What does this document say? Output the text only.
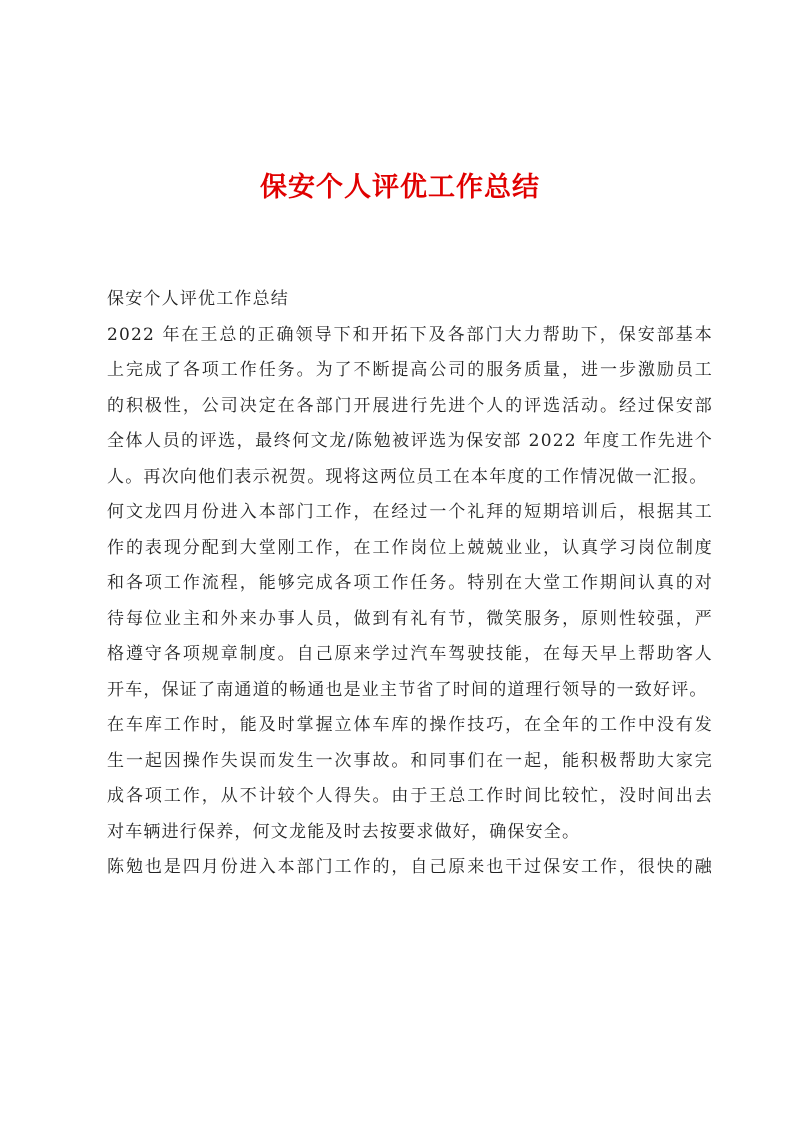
保安个人评优工作总结
保安个人评优工作总结
2022 年在王总的正确领导下和开拓下及各部门大力帮助下，保安部基本
上完成了各项工作任务。为了不断提高公司的服务质量，进一步激励员工
的积极性，公司决定在各部门开展进行先进个人的评选活动。经过保安部
全体人员的评选，最终何文龙/陈勉被评选为保安部 2022 年度工作先进个
人。再次向他们表示祝贺。现将这两位员工在本年度的工作情况做一汇报。
何文龙四月份进入本部门工作，在经过一个礼拜的短期培训后，根据其工
作的表现分配到大堂刚工作，在工作岗位上兢兢业业，认真学习岗位制度
和各项工作流程，能够完成各项工作任务。特别在大堂工作期间认真的对
待每位业主和外来办事人员，做到有礼有节，微笑服务，原则性较强，严
格遵守各项规章制度。自己原来学过汽车驾驶技能，在每天早上帮助客人
开车，保证了南通道的畅通也是业主节省了时间的道理行领导的一致好评。
在车库工作时，能及时掌握立体车库的操作技巧，在全年的工作中没有发
生一起因操作失误而发生一次事故。和同事们在一起，能积极帮助大家完
成各项工作，从不计较个人得失。由于王总工作时间比较忙，没时间出去
对车辆进行保养，何文龙能及时去按要求做好，确保安全。
陈勉也是四月份进入本部门工作的，自己原来也干过保安工作，很快的融
